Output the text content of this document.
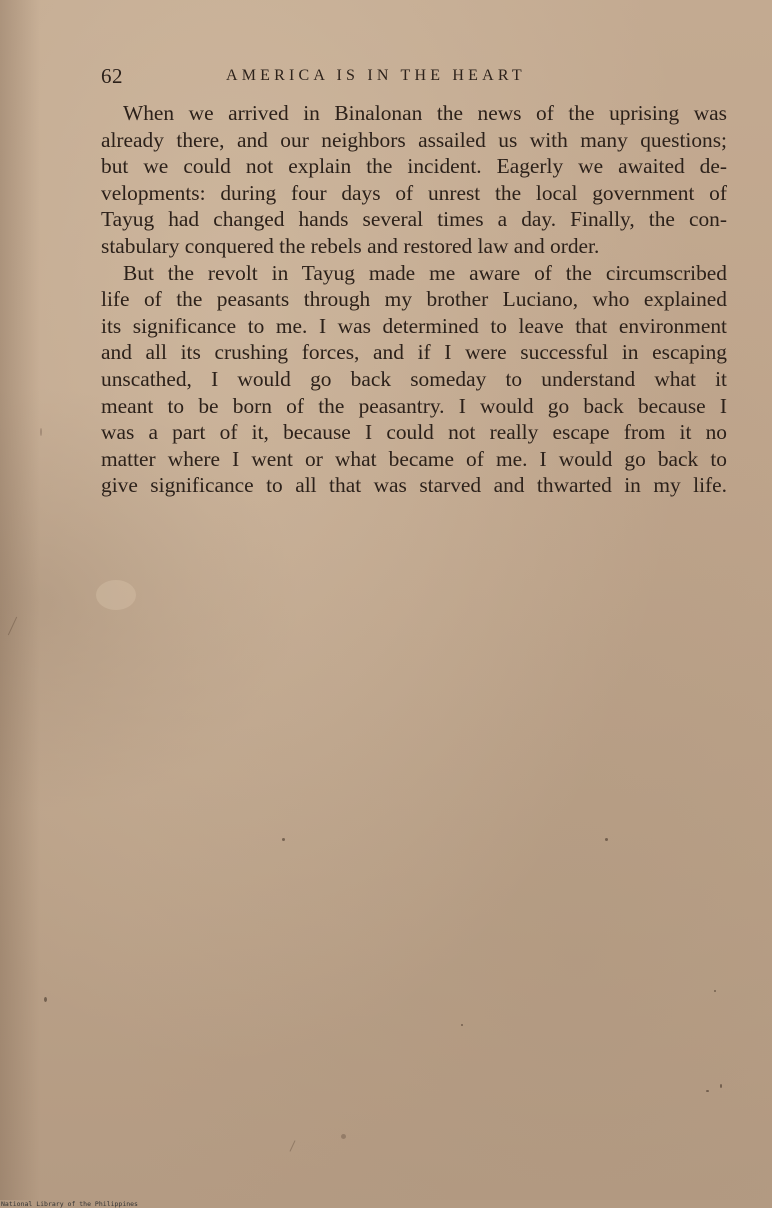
62	AMERICA IS IN THE HEART

When we arrived in Binalonan the news of the uprising was
already there, and our neighbors assailed us with many questions;
but we could not explain the incident. Eagerly we awaited de-
velopments: during four days of unrest the local government of
Tayug had changed hands several times a day. Finally, the con-
stabulary conquered the rebels and restored law and order.

But the revolt in Tayug made me aware of the circumscribed
life of the peasants through my brother Luciano, who explained
its significance to me. I was determined to leave that environment
and all its crushing forces, and if I were successful in escaping
unscathed, I would go back someday to understand what it
meant to be born of the peasantry. I would go back because I
was a part of it, because I could not really escape from it no
matter where I went or what became of me. I would go back to
give significance to all that was starved and thwarted in my life.

National Library of the Philippines
